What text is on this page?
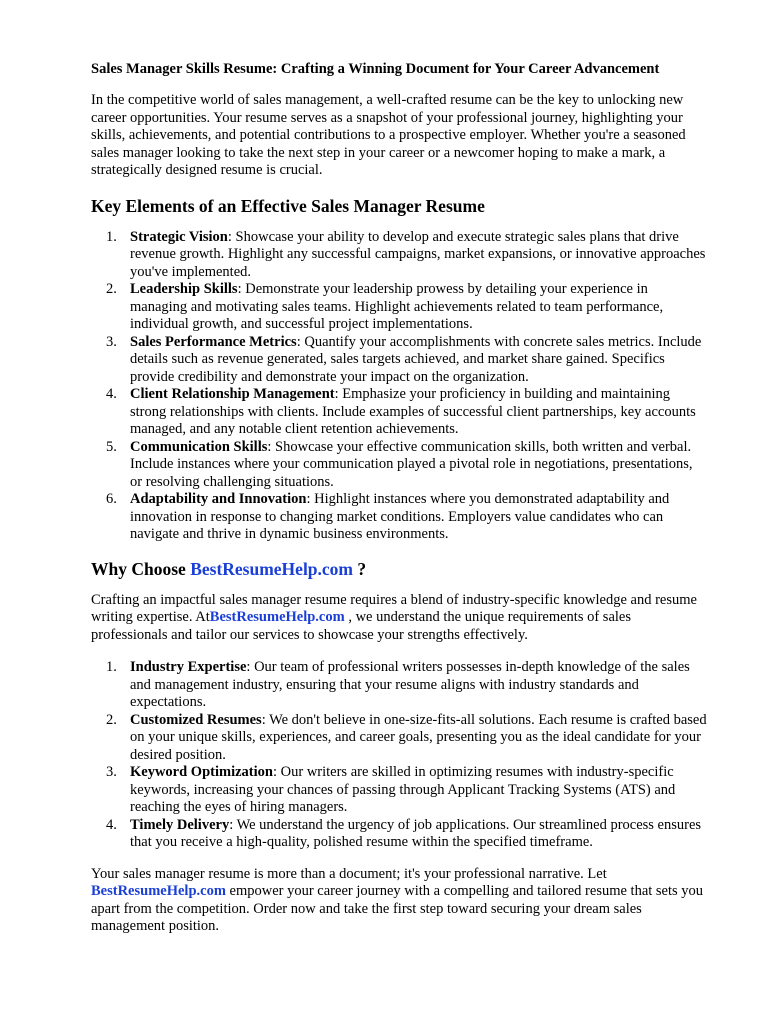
Sales Manager Skills Resume: Crafting a Winning Document for Your Career Advancement

In the competitive world of sales management, a well-crafted resume can be the key to unlocking new career opportunities. Your resume serves as a snapshot of your professional journey, highlighting your skills, achievements, and potential contributions to a prospective employer. Whether you're a seasoned sales manager looking to take the next step in your career or a newcomer hoping to make a mark, a strategically designed resume is crucial.

Key Elements of an Effective Sales Manager Resume
1. Strategic Vision: Showcase your ability to develop and execute strategic sales plans that drive revenue growth. Highlight any successful campaigns, market expansions, or innovative approaches you've implemented.
2. Leadership Skills: Demonstrate your leadership prowess by detailing your experience in managing and motivating sales teams. Highlight achievements related to team performance, individual growth, and successful project implementations.
3. Sales Performance Metrics: Quantify your accomplishments with concrete sales metrics. Include details such as revenue generated, sales targets achieved, and market share gained. Specifics provide credibility and demonstrate your impact on the organization.
4. Client Relationship Management: Emphasize your proficiency in building and maintaining strong relationships with clients. Include examples of successful client partnerships, key accounts managed, and any notable client retention achievements.
5. Communication Skills: Showcase your effective communication skills, both written and verbal. Include instances where your communication played a pivotal role in negotiations, presentations, or resolving challenging situations.
6. Adaptability and Innovation: Highlight instances where you demonstrated adaptability and innovation in response to changing market conditions. Employers value candidates who can navigate and thrive in dynamic business environments.
Why Choose BestResumeHelp.com ?

Crafting an impactful sales manager resume requires a blend of industry-specific knowledge and resume writing expertise. AtBestResumeHelp.com , we understand the unique requirements of sales professionals and tailor our services to showcase your strengths effectively.

1. Industry Expertise: Our team of professional writers possesses in-depth knowledge of the sales and management industry, ensuring that your resume aligns with industry standards and expectations.
2. Customized Resumes: We don't believe in one-size-fits-all solutions. Each resume is crafted based on your unique skills, experiences, and career goals, presenting you as the ideal candidate for your desired position.
3. Keyword Optimization: Our writers are skilled in optimizing resumes with industry-specific keywords, increasing your chances of passing through Applicant Tracking Systems (ATS) and reaching the eyes of hiring managers.
4. Timely Delivery: We understand the urgency of job applications. Our streamlined process ensures that you receive a high-quality, polished resume within the specified timeframe.

Your sales manager resume is more than a document; it's your professional narrative. Let BestResumeHelp.com empower your career journey with a compelling and tailored resume that sets you apart from the competition. Order now and take the first step toward securing your dream sales management position.
